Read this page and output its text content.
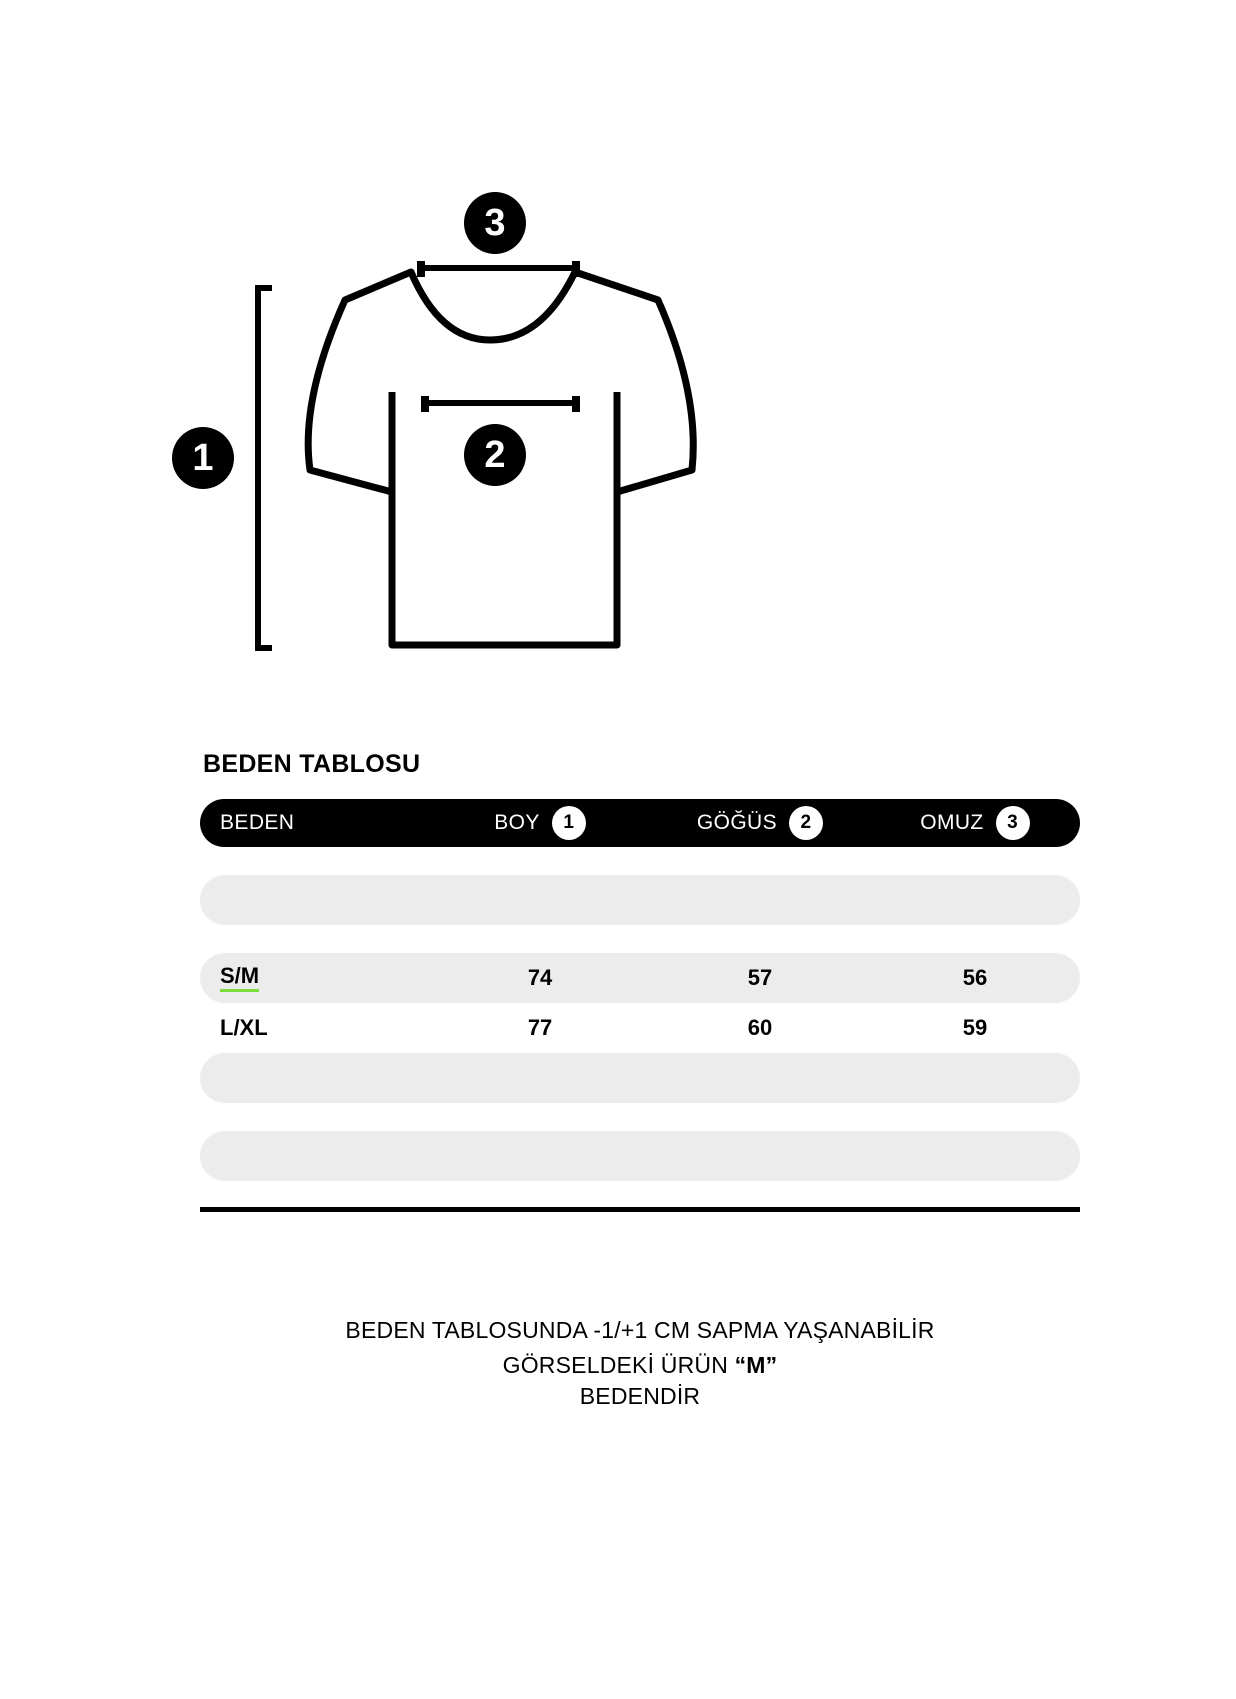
3
2
1
BEDEN TABLOSU
BEDEN	BOY	1	GÖĞÜS	2	OMUZ	3
S/M	74	57	56
L/XL	77	60	59
BEDEN TABLOSUNDA -1/+1 CM SAPMA YAŞANABİLİR
GÖRSELDEKİ ÜRÜN “M”
BEDENDİR
